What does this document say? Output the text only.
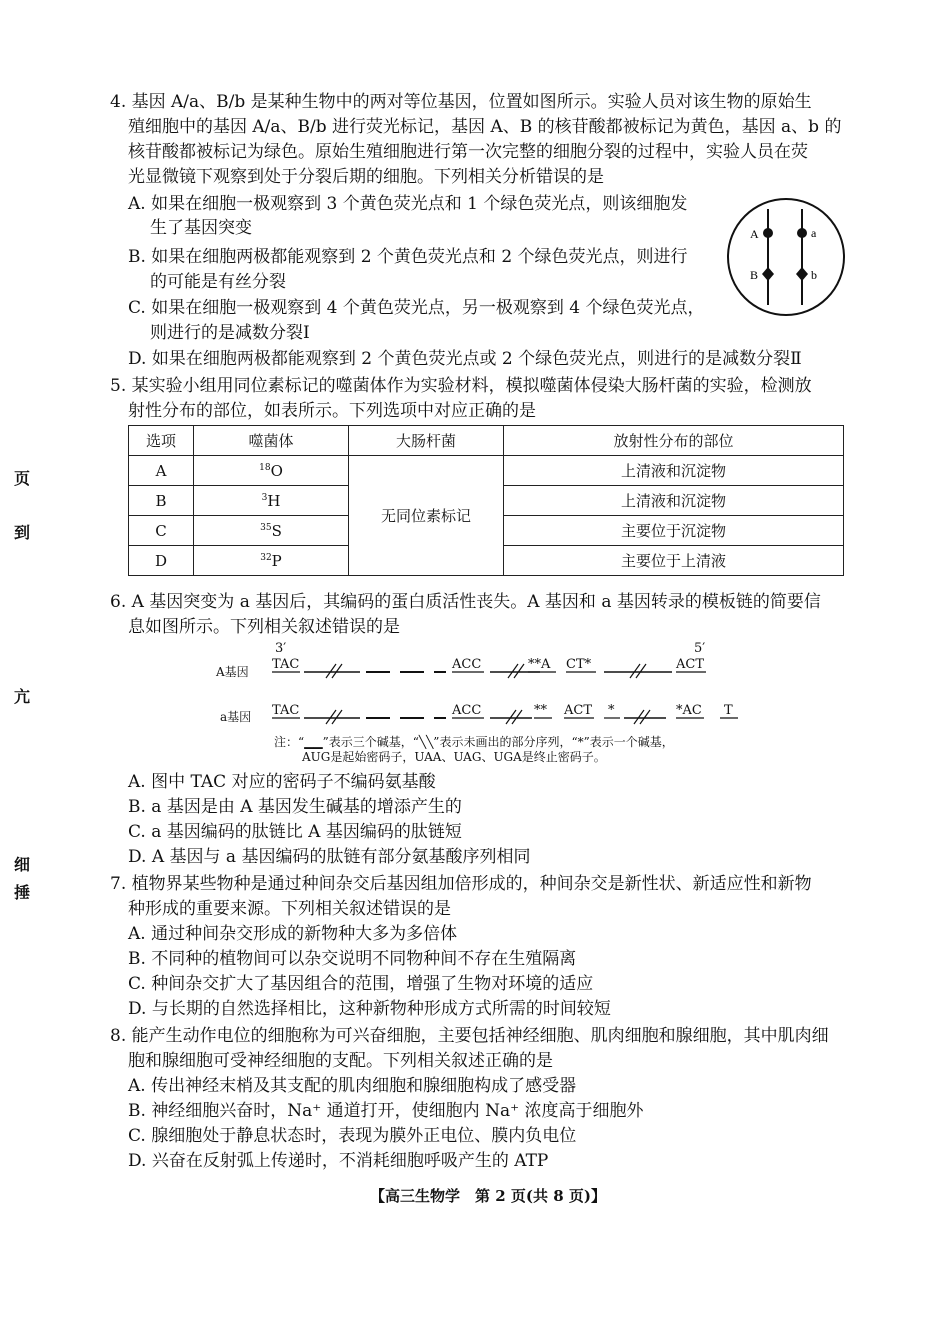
页
到
亢
细
捶
4. 基因 A/a、B/b 是某种生物中的两对等位基因，位置如图所示。实验人员对该生物的原始生
殖细胞中的基因 A/a、B/b 进行荧光标记，基因 A、B 的核苷酸都被标记为黄色，基因 a、b 的
核苷酸都被标记为绿色。原始生殖细胞进行第一次完整的细胞分裂的过程中，实验人员在荧
光显微镜下观察到处于分裂后期的细胞。下列相关分析错误的是
A. 如果在细胞一极观察到 3 个黄色荧光点和 1 个绿色荧光点，则该细胞发
生了基因突变
B. 如果在细胞两极都能观察到 2 个黄色荧光点和 2 个绿色荧光点，则进行
的可能是有丝分裂
C. 如果在细胞一极观察到 4 个黄色荧光点，另一极观察到 4 个绿色荧光点，
则进行的是减数分裂Ⅰ
D. 如果在细胞两极都能观察到 2 个黄色荧光点或 2 个绿色荧光点，则进行的是减数分裂Ⅱ
A	a
B	b
5. 某实验小组用同位素标记的噬菌体作为实验材料，模拟噬菌体侵染大肠杆菌的实验，检测放
射性分布的部位，如表所示。下列选项中对应正确的是
选项	噬菌体	大肠杆菌	放射性分布的部位
A	$^{18}$O	无同位素标记	上清液和沉淀物
B	$^3$H		上清液和沉淀物
C	$^{35}$S		主要位于沉淀物
D	$^{32}$P		主要位于上清液
6. A 基因突变为 a 基因后，其编码的蛋白质活性丧失。A 基因和 a 基因转录的模板链的简要信
息如图所示。下列相关叙述错误的是
3′	5′
A基因
a基因
TAC	ACC	**A CT*	ACT
TAC	ACC	** ACT *	*AC T
注：“▁▁”表示三个碱基，“╲╲”表示未画出的部分序列，“*”表示一个碱基，
AUG是起始密码子，UAA、UAG、UGA是终止密码子。
A. 图中 TAC 对应的密码子不编码氨基酸
B. a 基因是由 A 基因发生碱基的增添产生的
C. a 基因编码的肽链比 A 基因编码的肽链短
D. A 基因与 a 基因编码的肽链有部分氨基酸序列相同
7. 植物界某些物种是通过种间杂交后基因组加倍形成的，种间杂交是新性状、新适应性和新物
种形成的重要来源。下列相关叙述错误的是
A. 通过种间杂交形成的新物种大多为多倍体
B. 不同种的植物间可以杂交说明不同物种间不存在生殖隔离
C. 种间杂交扩大了基因组合的范围，增强了生物对环境的适应
D. 与长期的自然选择相比，这种新物种形成方式所需的时间较短
8. 能产生动作电位的细胞称为可兴奋细胞，主要包括神经细胞、肌肉细胞和腺细胞，其中肌肉细
胞和腺细胞可受神经细胞的支配。下列相关叙述正确的是
A. 传出神经末梢及其支配的肌肉细胞和腺细胞构成了感受器
B. 神经细胞兴奋时，Na⁺ 通道打开，使细胞内 Na⁺ 浓度高于细胞外
C. 腺细胞处于静息状态时，表现为膜外正电位、膜内负电位
D. 兴奋在反射弧上传递时，不消耗细胞呼吸产生的 ATP
【高三生物学　第 2 页(共 8 页)】
